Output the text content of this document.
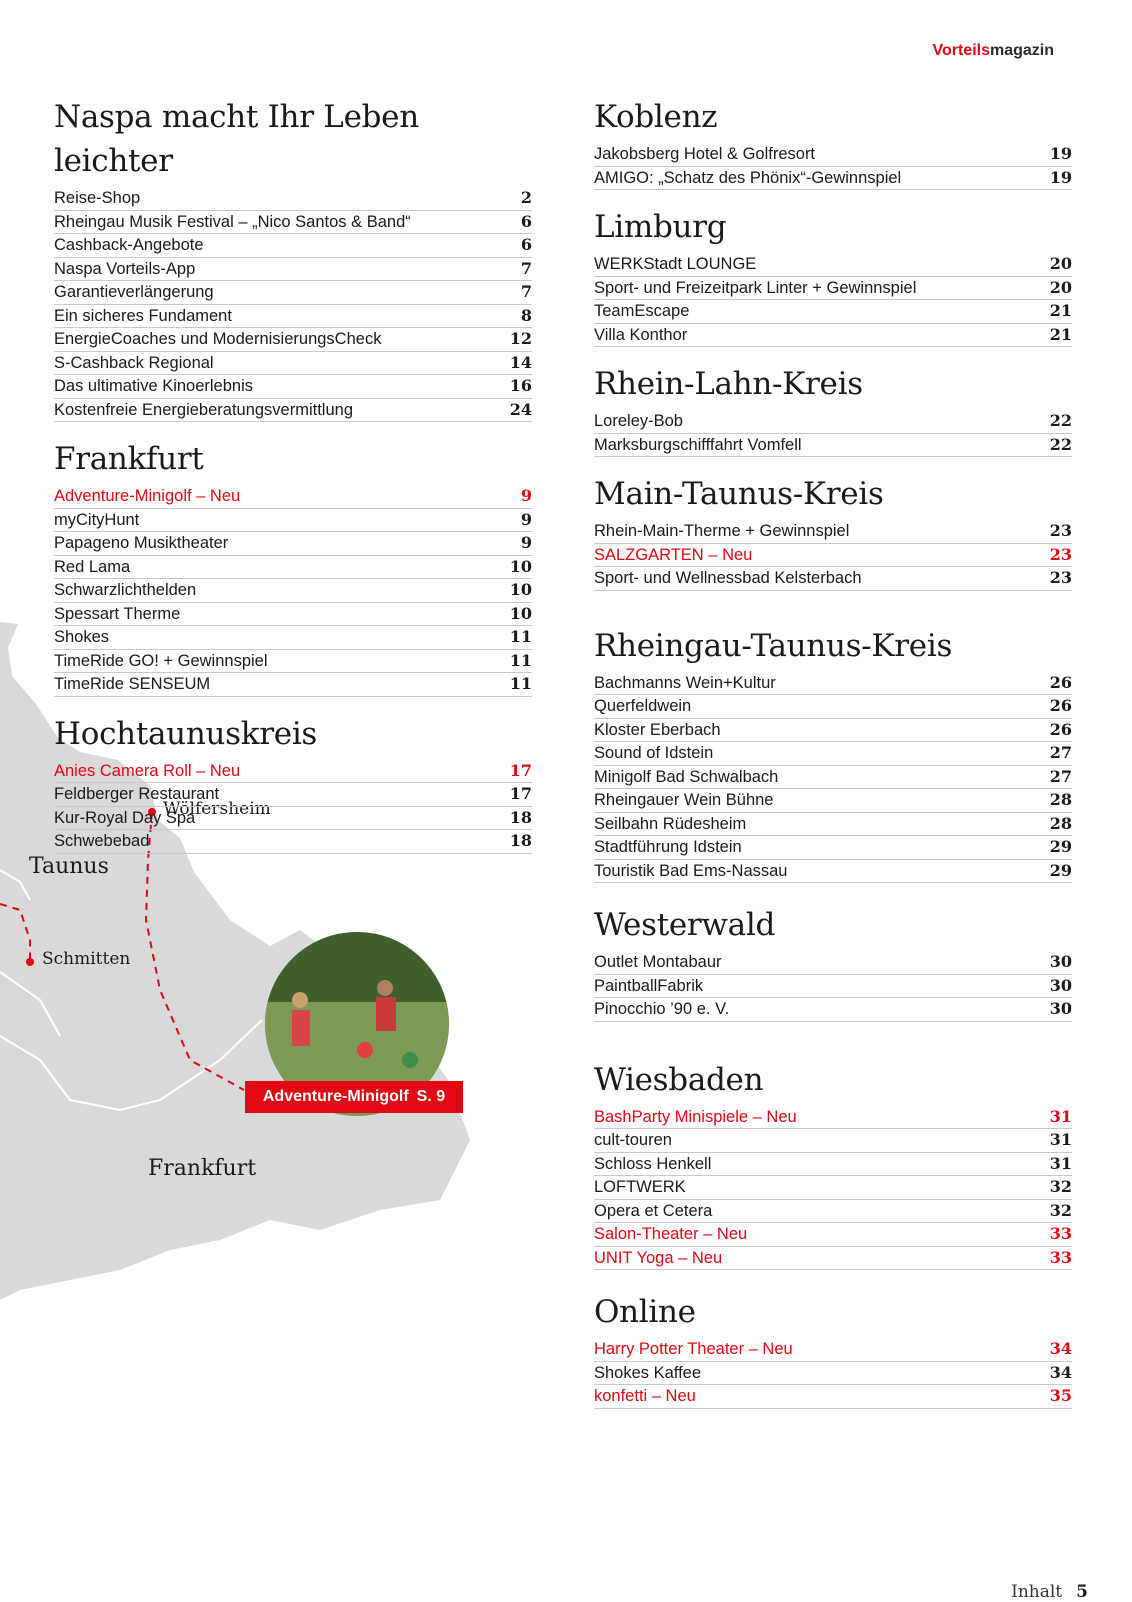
Vorteilsmagazin
Wölfersheim
Taunus
Schmitten
Frankfurt
Adventure-Minigolf S. 9
Naspa macht Ihr Leben leichter
Reise-Shop	2
Rheingau Musik Festival – „Nico Santos & Band“	6
Cashback-Angebote	6
Naspa Vorteils-App	7
Garantieverlängerung	7
Ein sicheres Fundament	8
EnergieCoaches und ModernisierungsCheck	12
S-Cashback Regional	14
Das ultimative Kinoerlebnis	16
Kostenfreie Energieberatungsvermittlung	24
Frankfurt
Adventure-Minigolf – Neu	9
myCityHunt	9
Papageno Musiktheater	9
Red Lama	10
Schwarzlichthelden	10
Spessart Therme	10
Shokes	11
TimeRide GO! + Gewinnspiel	11
TimeRide SENSEUM	11
Hochtaunuskreis
Anies Camera Roll – Neu	17
Feldberger Restaurant	17
Kur-Royal Day Spa	18
Schwebebad	18
Koblenz
Jakobsberg Hotel & Golfresort	19
AMIGO: „Schatz des Phönix“-Gewinnspiel	19
Limburg
WERKStadt LOUNGE	20
Sport- und Freizeitpark Linter + Gewinnspiel	20
TeamEscape	21
Villa Konthor	21
Rhein-Lahn-Kreis
Loreley-Bob	22
Marksburgschifffahrt Vomfell	22
Main-Taunus-Kreis
Rhein-Main-Therme + Gewinnspiel	23
SALZGARTEN – Neu	23
Sport- und Wellnessbad Kelsterbach	23
Rheingau-Taunus-Kreis
Bachmanns Wein+Kultur	26
Querfeldwein	26
Kloster Eberbach	26
Sound of Idstein	27
Minigolf Bad Schwalbach	27
Rheingauer Wein Bühne	28
Seilbahn Rüdesheim	28
Stadtführung Idstein	29
Touristik Bad Ems-Nassau	29
Westerwald
Outlet Montabaur	30
PaintballFabrik	30
Pinocchio ’90 e. V.	30
Wiesbaden
BashParty Minispiele – Neu	31
cult-touren	31
Schloss Henkell	31
LOFTWERK	32
Opera et Cetera	32
Salon-Theater – Neu	33
UNIT Yoga – Neu	33
Online
Harry Potter Theater – Neu	34
Shokes Kaffee	34
konfetti – Neu	35
Inhalt 5
